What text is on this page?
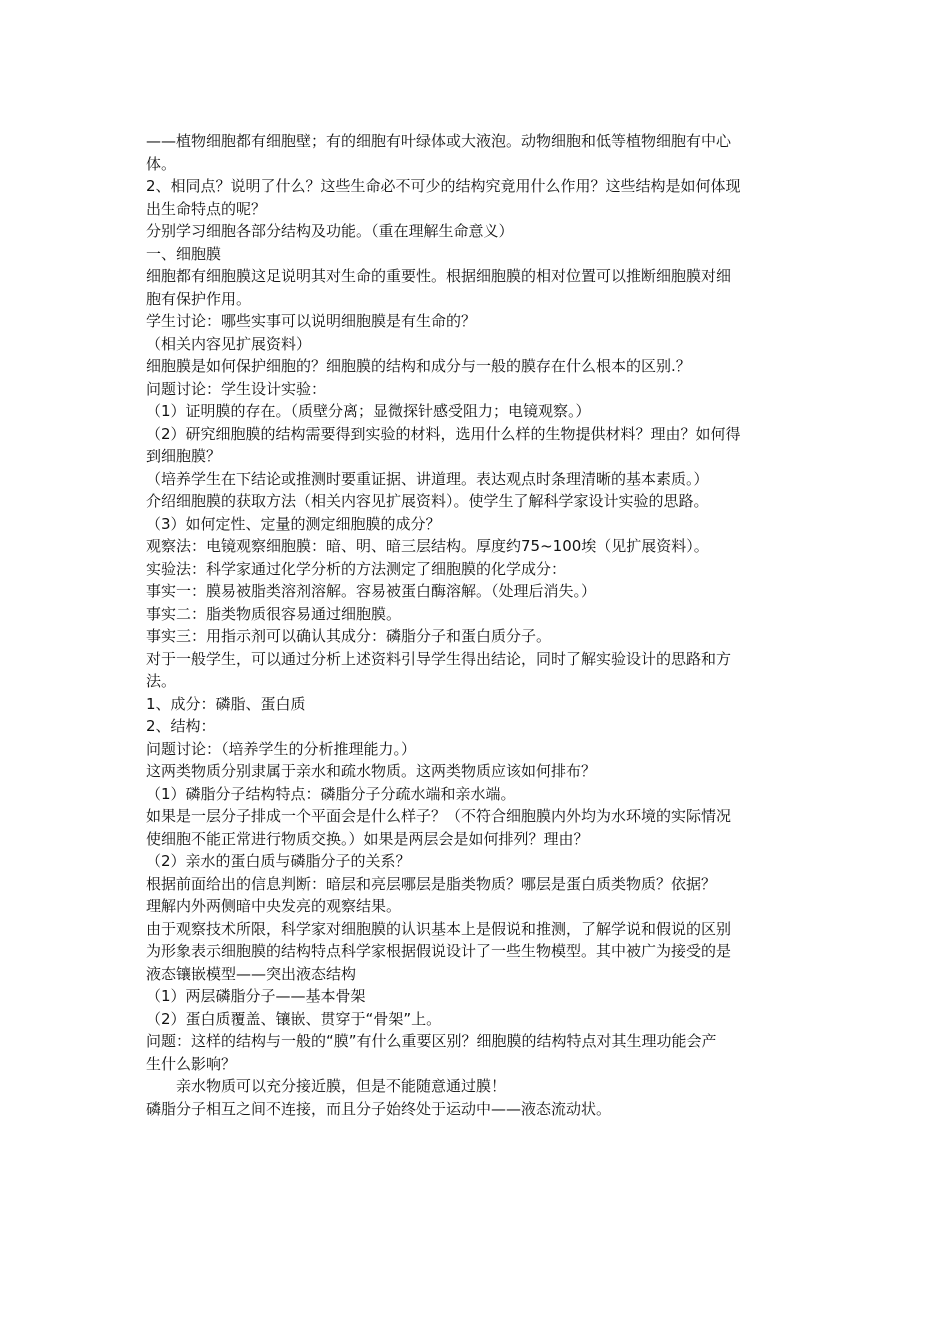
——植物细胞都有细胞壁；有的细胞有叶绿体或大液泡。动物细胞和低等植物细胞有中心

体。

2、相同点？说明了什么？这些生命必不可少的结构究竟用什么作用？这些结构是如何体现

出生命特点的呢？

分别学习细胞各部分结构及功能。（重在理解生命意义）

一、细胞膜

细胞都有细胞膜这足说明其对生命的重要性。根据细胞膜的相对位置可以推断细胞膜对细

胞有保护作用。

学生讨论：哪些实事可以说明细胞膜是有生命的？

（相关内容见扩展资料）

细胞膜是如何保护细胞的？细胞膜的结构和成分与一般的膜存在什么根本的区别.？

问题讨论：学生设计实验：

（1）证明膜的存在。（质壁分离；显微探针感受阻力；电镜观察。）

（2）研究细胞膜的结构需要得到实验的材料，选用什么样的生物提供材料？理由？如何得

到细胞膜？

（培养学生在下结论或推测时要重证据、讲道理。表达观点时条理清晰的基本素质。）

介绍细胞膜的获取方法（相关内容见扩展资料）。使学生了解科学家设计实验的思路。

（3）如何定性、定量的测定细胞膜的成分？

观察法：电镜观察细胞膜：暗、明、暗三层结构。厚度约75~100埃（见扩展资料）。

实验法：科学家通过化学分析的方法测定了细胞膜的化学成分：

事实一：膜易被脂类溶剂溶解。容易被蛋白酶溶解。（处理后消失。）

事实二：脂类物质很容易通过细胞膜。

事实三：用指示剂可以确认其成分：磷脂分子和蛋白质分子。

对于一般学生，可以通过分析上述资料引导学生得出结论，同时了解实验设计的思路和方

法。

1、成分：磷脂、蛋白质

2、结构：

问题讨论：（培养学生的分析推理能力。）

这两类物质分别隶属于亲水和疏水物质。这两类物质应该如何排布？

（1）磷脂分子结构特点：磷脂分子分疏水端和亲水端。

如果是一层分子排成一个平面会是什么样子？（不符合细胞膜内外均为水环境的实际情况

使细胞不能正常进行物质交换。）如果是两层会是如何排列？理由？

（2）亲水的蛋白质与磷脂分子的关系？

根据前面给出的信息判断：暗层和亮层哪层是脂类物质？哪层是蛋白质类物质？依据？

理解内外两侧暗中央发亮的观察结果。

由于观察技术所限，科学家对细胞膜的认识基本上是假说和推测，了解学说和假说的区别

为形象表示细胞膜的结构特点科学家根据假说设计了一些生物模型。其中被广为接受的是

液态镶嵌模型——突出液态结构

（1）两层磷脂分子——基本骨架

（2）蛋白质覆盖、镶嵌、贯穿于“骨架”上。

问题：这样的结构与一般的“膜”有什么重要区别？细胞膜的结构特点对其生理功能会产

生什么影响？

亲水物质可以充分接近膜，但是不能随意通过膜！

磷脂分子相互之间不连接，而且分子始终处于运动中——液态流动状。
